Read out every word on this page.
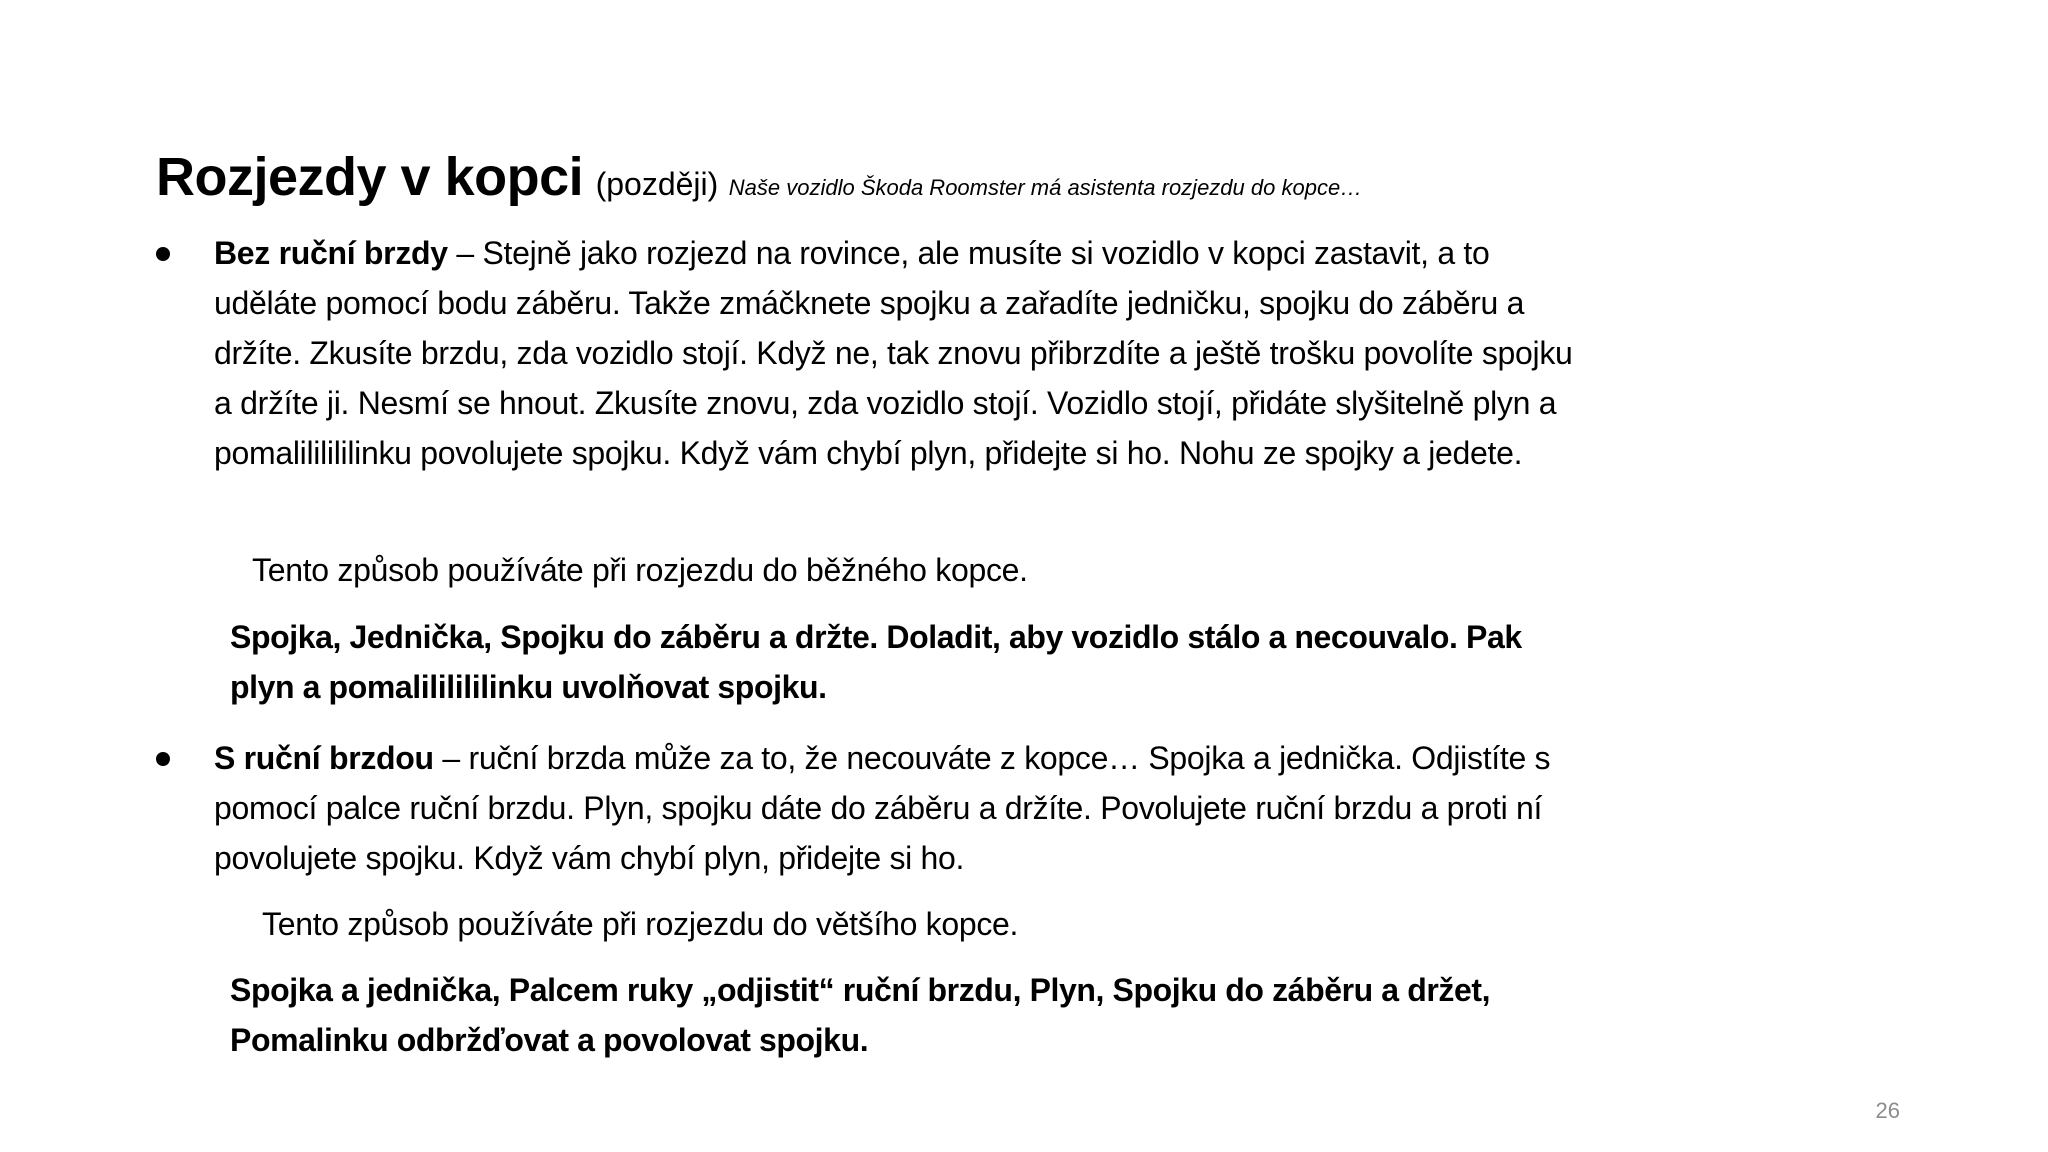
Rozjezdy v kopci (později) Naše vozidlo Škoda Roomster má asistenta rozjezdu do kopce…
Bez ruční brzdy – Stejně jako rozjezd na rovince, ale musíte si vozidlo v kopci zastavit, a to uděláte pomocí bodu záběru. Takže zmáčknete spojku a zařadíte jedničku, spojku do záběru a držíte. Zkusíte brzdu, zda vozidlo stojí. Když ne, tak znovu přibrzdíte a ještě trošku povolíte spojku a držíte ji. Nesmí se hnout. Zkusíte znovu, zda vozidlo stojí. Vozidlo stojí, přidáte slyšitelně plyn a pomalililililinku povolujete spojku. Když vám chybí plyn, přidejte si ho. Nohu ze spojky a jedete.
Tento způsob používáte při rozjezdu do běžného kopce.
Spojka, Jednička, Spojku do záběru a držte. Doladit, aby vozidlo stálo a necouvalo. Pak plyn a pomalililililinku uvolňovat spojku.
S ruční brzdou – ruční brzda může za to, že necouváte z kopce… Spojka a jednička. Odjistíte s pomocí palce ruční brzdu. Plyn, spojku dáte do záběru a držíte. Povolujete ruční brzdu a proti ní povolujete spojku. Když vám chybí plyn, přidejte si ho.
Tento způsob používáte při rozjezdu do většího kopce.
Spojka a jednička, Palcem ruky „odjistit“ ruční brzdu, Plyn, Spojku do záběru a držet, Pomalinku odbržďovat a povolovat spojku.
26
